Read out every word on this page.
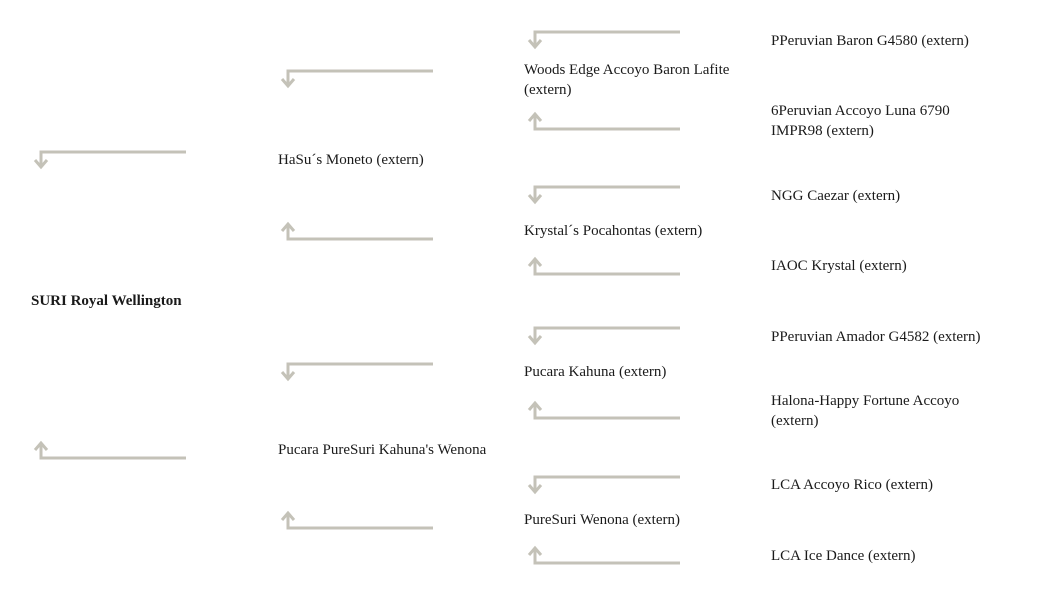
SURI Royal Wellington
HaSu´s Moneto (extern)
Pucara PureSuri Kahuna's Wenona
Woods Edge Accoyo Baron Lafite (extern)
Krystal´s Pocahontas (extern)
Pucara Kahuna (extern)
PureSuri Wenona (extern)
PPeruvian Baron G4580 (extern)
6Peruvian Accoyo Luna 6790 IMPR98 (extern)
NGG Caezar (extern)
IAOC Krystal (extern)
PPeruvian Amador G4582 (extern)
Halona-Happy Fortune Accoyo (extern)
LCA Accoyo Rico (extern)
LCA Ice Dance (extern)
